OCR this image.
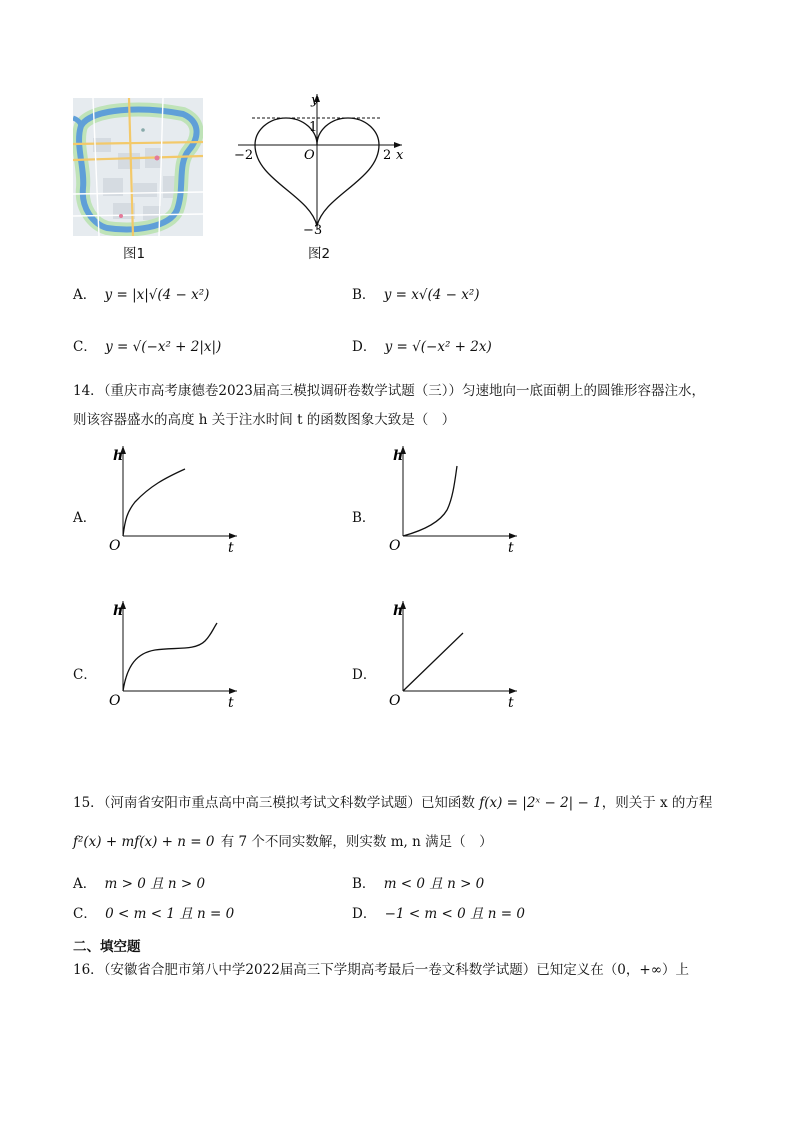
图1
y
x
O
−2	2
1
−3
图2
A． y = |x|√(4 − x²)	B． y = x√(4 − x²)
C． y = √(−x² + 2|x|)	D． y = √(−x² + 2x)
14．（重庆市高考康德卷2023届高三模拟调研卷数学试题（三））匀速地向一底面朝上的圆锥形容器注水，
则该容器盛水的高度 h 关于注水时间 t 的函数图象大致是（　）
A．
h
t
O
B．
h
t
O
C．
h
t
O
D．
h
t
O
15．（河南省安阳市重点高中高三模拟考试文科数学试题）已知函数 f(x) = |2ˣ − 2| − 1，则关于 x 的方程
f²(x) + mf(x) + n = 0 有 7 个不同实数解，则实数 m, n 满足（　）
A． m > 0 且 n > 0	B． m < 0 且 n > 0
C． 0 < m < 1 且 n = 0	D． −1 < m < 0 且 n = 0
二、填空题
16．（安徽省合肥市第八中学2022届高三下学期高考最后一卷文科数学试题）已知定义在（0，+∞）上
